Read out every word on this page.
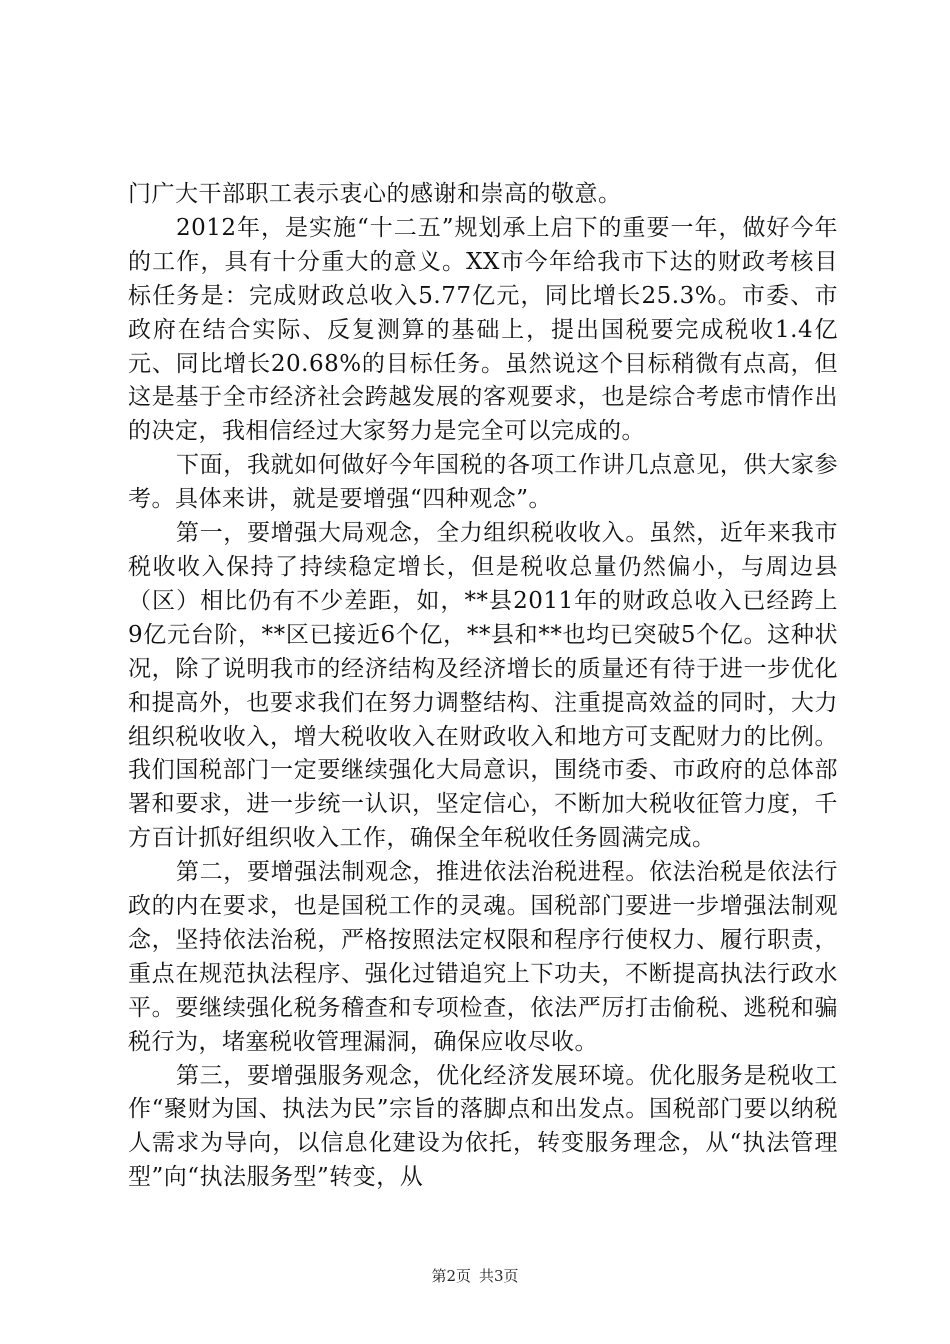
门广大干部职工表示衷心的感谢和崇高的敬意。

2012年，是实施“十二五”规划承上启下的重要一年，做好今年的工作，具有十分重大的意义。XX市今年给我市下达的财政考核目标任务是：完成财政总收入5.77亿元，同比增长25.3%。市委、市政府在结合实际、反复测算的基础上，提出国税要完成税收1.4亿元、同比增长20.68%的目标任务。虽然说这个目标稍微有点高，但这是基于全市经济社会跨越发展的客观要求，也是综合考虑市情作出的决定，我相信经过大家努力是完全可以完成的。

下面，我就如何做好今年国税的各项工作讲几点意见，供大家参考。具体来讲，就是要增强“四种观念”。

第一，要增强大局观念，全力组织税收收入。虽然，近年来我市税收收入保持了持续稳定增长，但是税收总量仍然偏小，与周边县（区）相比仍有不少差距，如，**县2011年的财政总收入已经跨上9亿元台阶，**区已接近6个亿，**县和**也均已突破5个亿。这种状况，除了说明我市的经济结构及经济增长的质量还有待于进一步优化和提高外，也要求我们在努力调整结构、注重提高效益的同时，大力组织税收收入，增大税收收入在财政收入和地方可支配财力的比例。我们国税部门一定要继续强化大局意识，围绕市委、市政府的总体部署和要求，进一步统一认识，坚定信心，不断加大税收征管力度，千方百计抓好组织收入工作，确保全年税收任务圆满完成。

第二，要增强法制观念，推进依法治税进程。依法治税是依法行政的内在要求，也是国税工作的灵魂。国税部门要进一步增强法制观念，坚持依法治税，严格按照法定权限和程序行使权力、履行职责，重点在规范执法程序、强化过错追究上下功夫，不断提高执法行政水平。要继续强化税务稽查和专项检查，依法严厉打击偷税、逃税和骗税行为，堵塞税收管理漏洞，确保应收尽收。

第三，要增强服务观念，优化经济发展环境。优化服务是税收工作“聚财为国、执法为民”宗旨的落脚点和出发点。国税部门要以纳税人需求为导向，以信息化建设为依托，转变服务理念，从“执法管理型”向“执法服务型”转变，从

第2页 共3页
